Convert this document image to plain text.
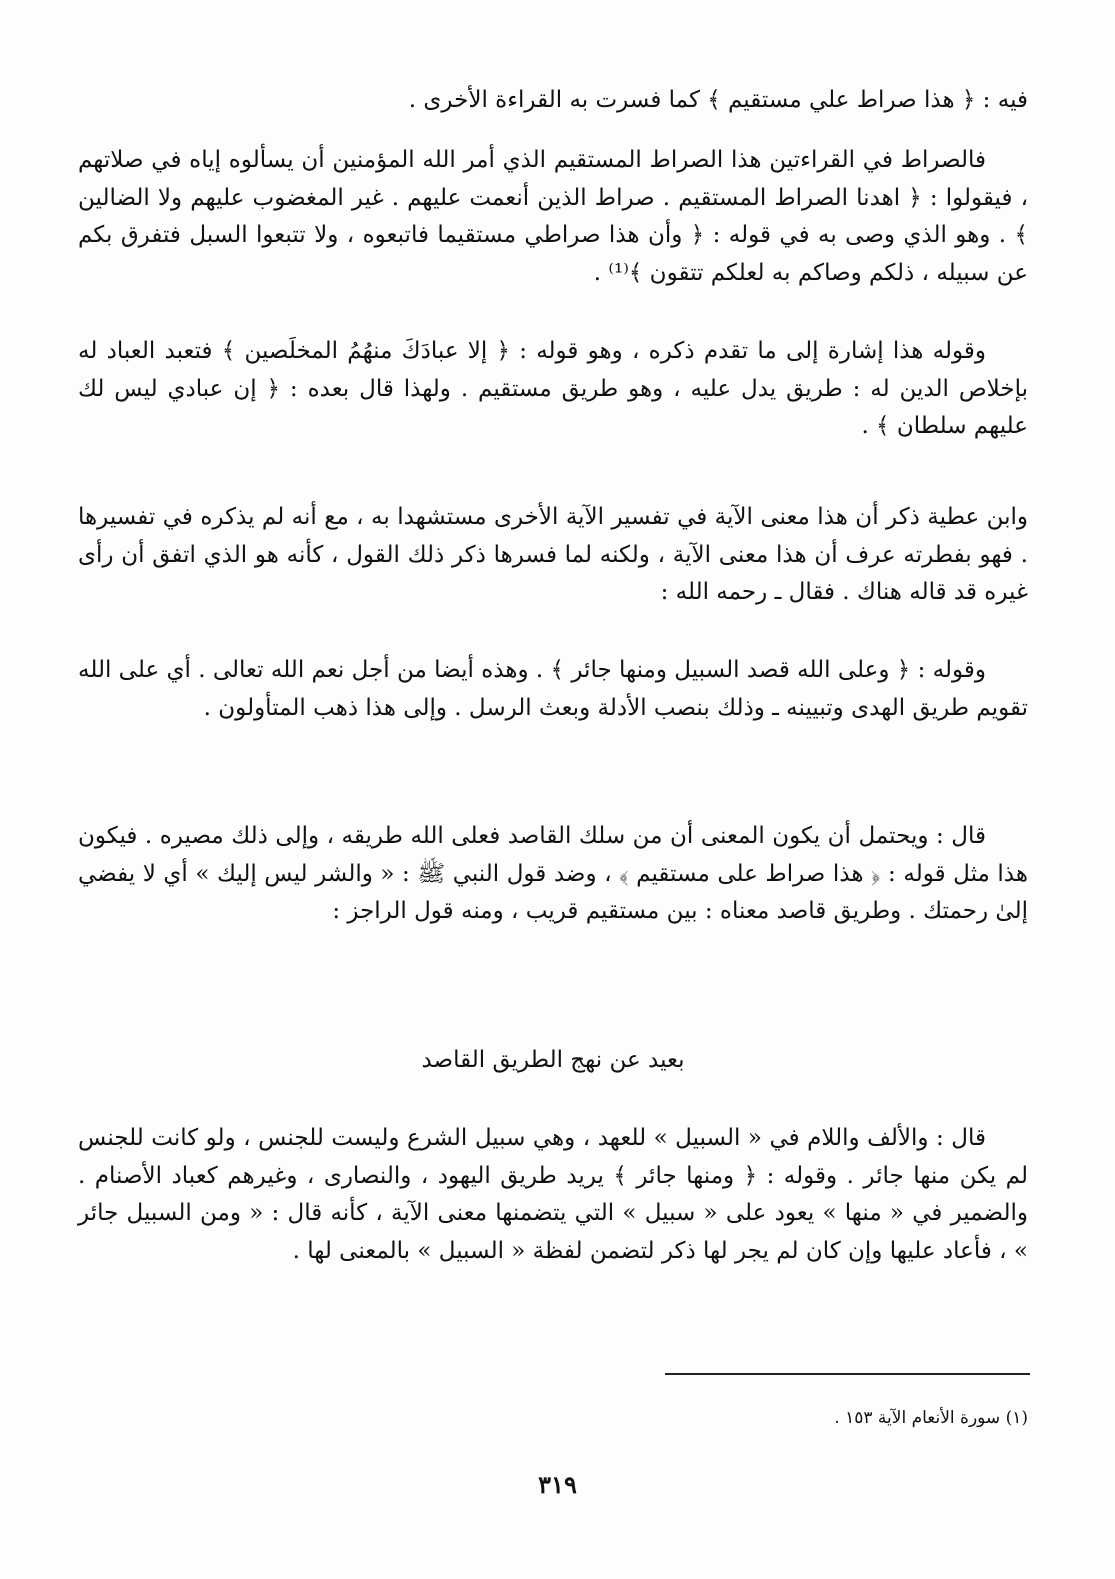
فيه : ﴿ هذا صراط علي مستقيم ﴾ كما فسرت به القراءة الأخرى .

فالصراط في القراءتين هذا الصراط المستقيم الذي أمر الله المؤمنين أن يسألوه إياه في صلاتهم ، فيقولوا : ﴿ اهدنا الصراط المستقيم . صراط الذين أنعمت عليهم . غير المغضوب عليهم ولا الضالين ﴾ . وهو الذي وصى به في قوله : ﴿ وأن هذا صراطي مستقيما فاتبعوه ، ولا تتبعوا السبل فتفرق بكم عن سبيله ، ذلكم وصاكم به لعلكم تتقون ﴾⁽¹⁾ .

وقوله هذا إشارة إلى ما تقدم ذكره ، وهو قوله : ﴿ إلا عبادَكَ منهُمُ المخلَصين ﴾ فتعبد العباد له بإخلاص الدين له : طريق يدل عليه ، وهو طريق مستقيم . ولهذا قال بعده : ﴿ إن عبادي ليس لك عليهم سلطان ﴾ .

وابن عطية ذكر أن هذا معنى الآية في تفسير الآية الأخرى مستشهدا به ، مع أنه لم يذكره في تفسيرها . فهو بفطرته عرف أن هذا معنى الآية ، ولكنه لما فسرها ذكر ذلك القول ، كأنه هو الذي اتفق أن رأى غيره قد قاله هناك . فقال ـ رحمه الله :

وقوله : ﴿ وعلى الله قصد السبيل ومنها جائر ﴾ . وهذه أيضا من أجل نعم الله تعالى . أي على الله تقويم طريق الهدى وتبيينه ـ وذلك بنصب الأدلة وبعث الرسل . وإلى هذا ذهب المتأولون .

قال : ويحتمل أن يكون المعنى أن من سلك القاصد فعلى الله طريقه ، وإلى ذلك مصيره . فيكون هذا مثل قوله : ﴿ هذا صراط على مستقيم ﴾ ، وضد قول النبي ﷺ : « والشر ليس إليك » أي لا يفضي إلىٰ رحمتك . وطريق قاصد معناه : بين مستقيم قريب ، ومنه قول الراجز :

بعيد عن نهج الطريق القاصد

قال : والألف واللام في « السبيل » للعهد ، وهي سبيل الشرع وليست للجنس ، ولو كانت للجنس لم يكن منها جائر . وقوله : ﴿ ومنها جائر ﴾ يريد طريق اليهود ، والنصارى ، وغيرهم كعباد الأصنام . والضمير في « منها » يعود على « سبيل » التي يتضمنها معنى الآية ، كأنه قال : « ومن السبيل جائر » ، فأعاد عليها وإن كان لم يجر لها ذكر لتضمن لفظة « السبيل » بالمعنى لها .

(١) سورة الأنعام الآية ١٥٣ .

٣١٩
